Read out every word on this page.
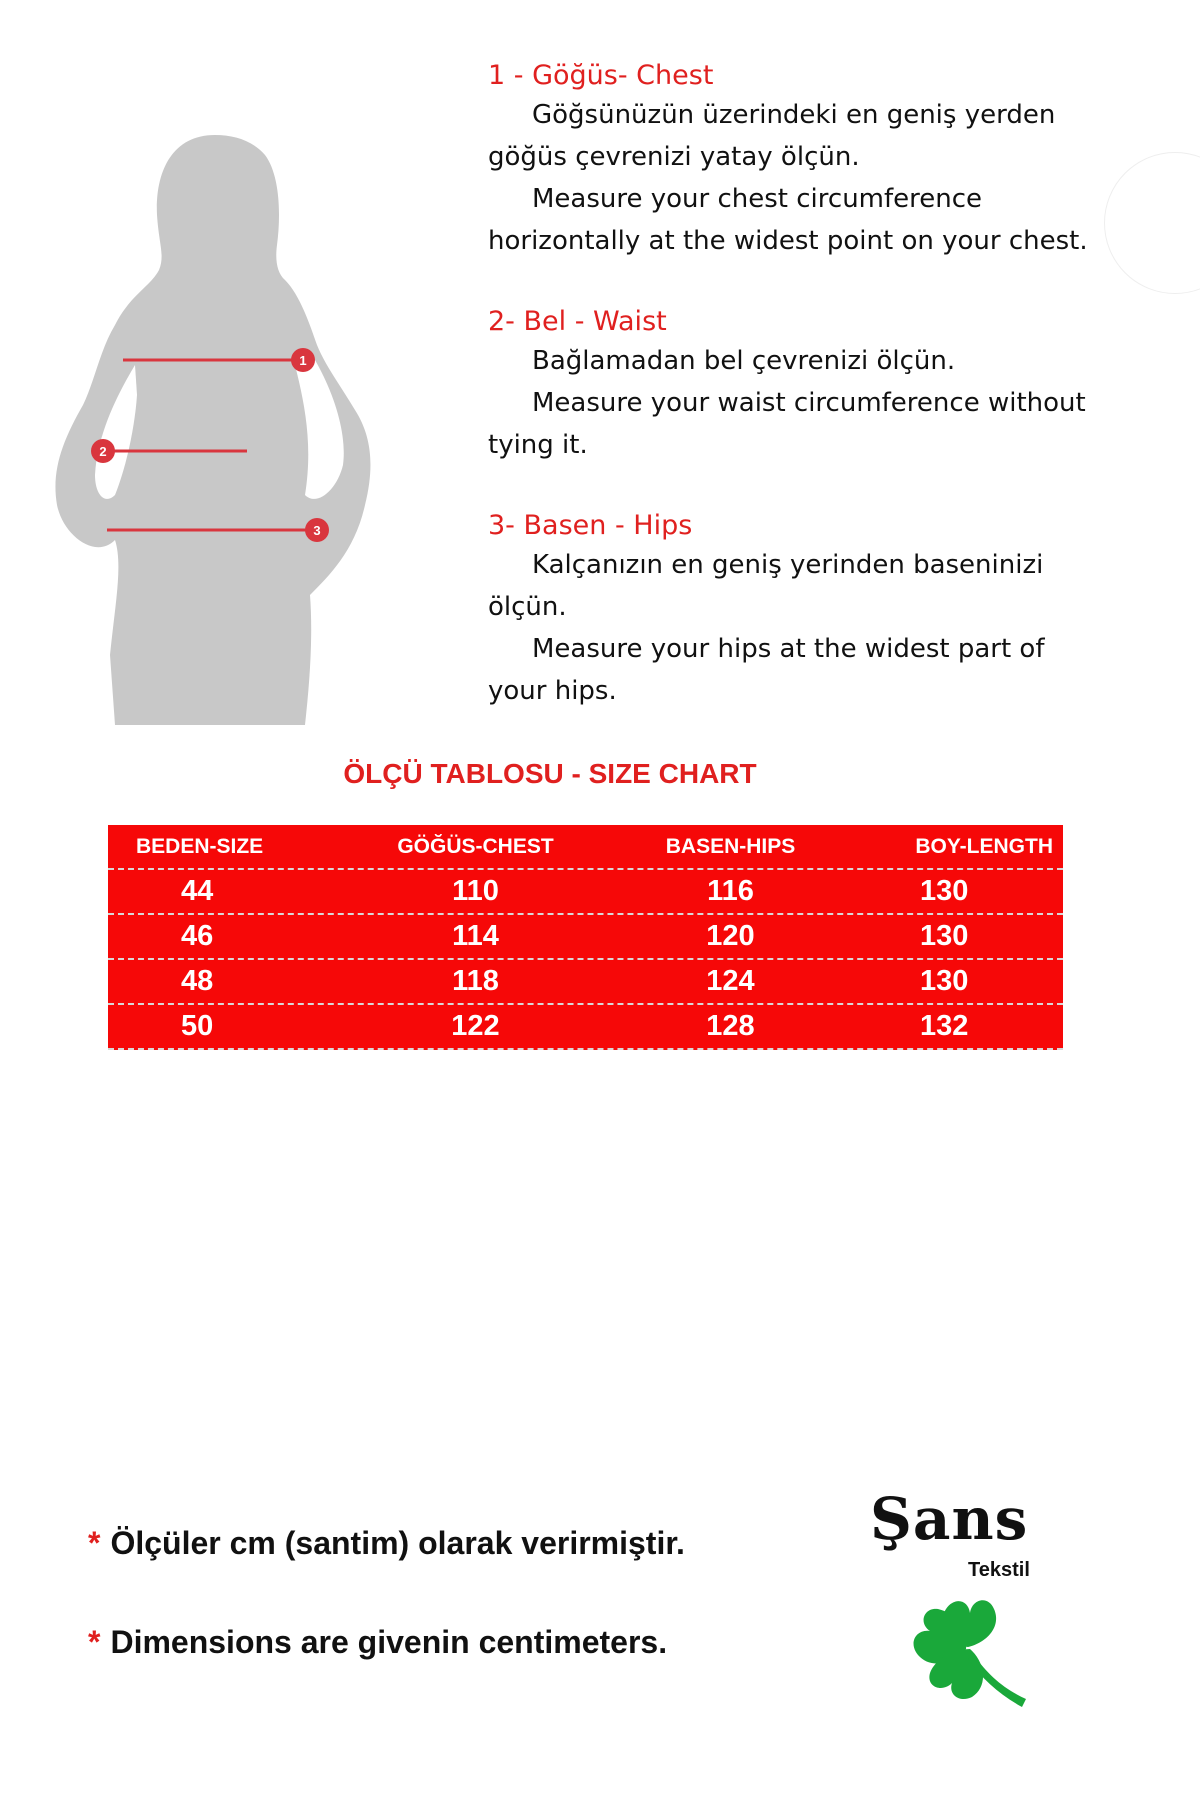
1
2
3

1 - Göğüs- Chest

Göğsünüzün üzerindeki en geniş yerden

göğüs çevrenizi yatay ölçün.

Measure your chest circumference

horizontally at the widest point on your chest.

2- Bel - Waist

Bağlamadan bel çevrenizi ölçün.

Measure your waist circumference without

tying it.

3- Basen - Hips

Kalçanızın en geniş yerinden baseninizi

ölçün.

Measure your hips at the widest part of

your hips.

ÖLÇÜ TABLOSU - SIZE CHART
BEDEN-SIZE	GÖĞÜS-CHEST	BASEN-HIPS	BOY-LENGTH
44	110	116	130
46	114	120	130
48	118	124	130
50	122	128	132
* Ölçüler cm (santim) olarak verirmiştir.
* Dimensions are givenin centimeters.
Şans
Tekstil
